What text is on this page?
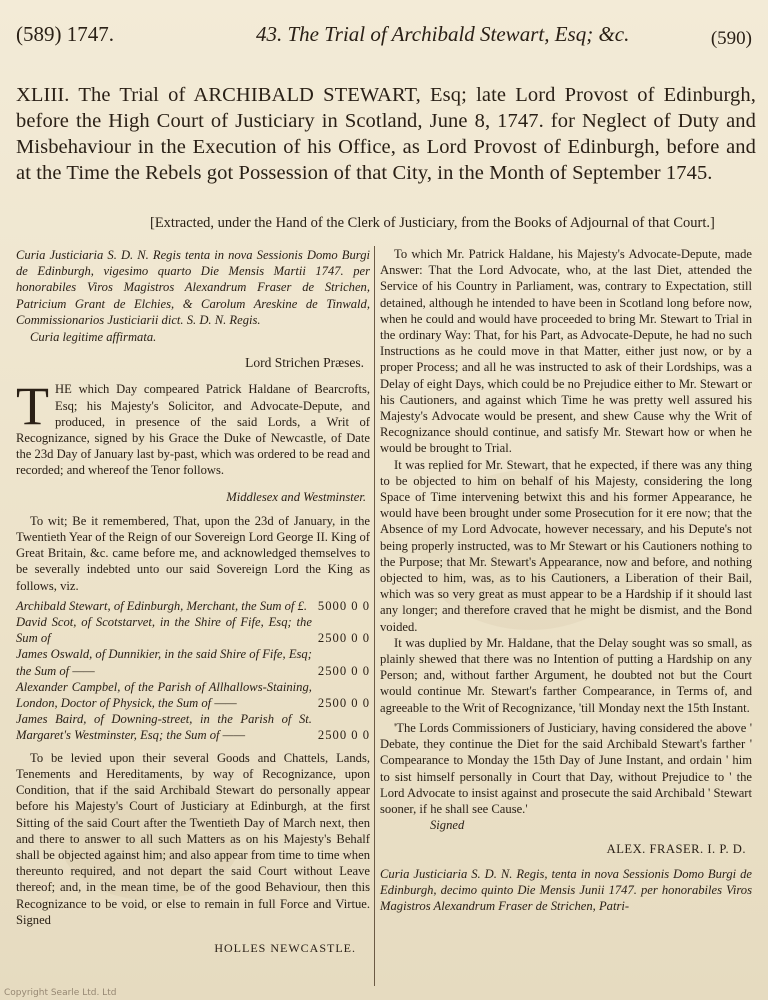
(589) 1747.	43. The Trial of Archibald Stewart, Esq; &c.	(590)
XLIII. The Trial of ARCHIBALD STEWART, Esq; late Lord Provost of Edinburgh, before the High Court of Justiciary in Scotland, June 8, 1747. for Neglect of Duty and Misbehaviour in the Execution of his Office, as Lord Provost of Edinburgh, before and at the Time the Rebels got Possession of that City, in the Month of September 1745.
[Extracted, under the Hand of the Clerk of Justiciary, from the Books of Adjournal of that Court.]

Curia Justiciaria S. D. N. Regis tenta in nova Sessionis Domo Burgi de Edinburgh, vigesimo quarto Die Mensis Martii 1747. per honorabiles Viros Magistros Alexandrum Fraser de Strichen, Patricium Grant de Elchies, & Carolum Areskine de Tinwald, Commissionarios Justiciarii dict. S. D. N. Regis.

Curia legitime affirmata.

Lord Strichen Præses.

THE which Day compeared Patrick Haldane of Bearcrofts, Esq; his Majesty's Solicitor, and Advocate-Depute, and produced, in presence of the said Lords, a Writ of Recognizance, signed by his Grace the Duke of Newcastle, of Date the 23d Day of January last by-past, which was ordered to be read and recorded; and whereof the Tenor follows.

Middlesex and Westminster.

To wit; Be it remembered, That, upon the 23d of January, in the Twentieth Year of the Reign of our Sovereign Lord George II. King of Great Britain, &c. came before me, and acknowledged themselves to be severally indebted unto our said Sovereign Lord the King as follows, viz.

Archibald Stewart, of Edinburgh, Merchant, the Sum of £. 5000 0 0
David Scot, of Scotstarvet, in the Shire of Fife, Esq; the Sum of	2500 0 0
James Oswald, of Dunnikier, in the said Shire of Fife, Esq; the Sum of ——	2500 0 0
Alexander Campbel, of the Parish of Allhallows-Staining, London, Doctor of Physick, the Sum of ——	2500 0 0
James Baird, of Downing-street, in the Parish of St. Margaret's Westminster, Esq; the Sum of ——	2500 0 0

To be levied upon their several Goods and Chattels, Lands, Tenements and Hereditaments, by way of Recognizance, upon Condition, that if the said Archibald Stewart do personally appear before his Majesty's Court of Justiciary at Edinburgh, at the first Sitting of the said Court after the Twentieth Day of March next, then and there to answer to all such Matters as on his Majesty's Behalf shall be objected against him; and also appear from time to time when thereunto required, and not depart the said Court without Leave thereof; and, in the mean time, be of the good Behaviour, then this Recognizance to be void, or else to remain in full Force and Virtue. Signed

HOLLES NEWCASTLE.

To which Mr. Patrick Haldane, his Majesty's Advocate-Depute, made Answer: That the Lord Advocate, who, at the last Diet, attended the Service of his Country in Parliament, was, contrary to Expectation, still detained, although he intended to have been in Scotland long before now, when he could and would have proceeded to bring Mr. Stewart to Trial in the ordinary Way: That, for his Part, as Advocate-Depute, he had no such Instructions as he could move in that Matter, either just now, or by a proper Process; and all he was instructed to ask of their Lordships, was a Delay of eight Days, which could be no Prejudice either to Mr. Stewart or his Cautioners, and against which Time he was pretty well assured his Majesty's Advocate would be present, and shew Cause why the Writ of Recognizance should continue, and satisfy Mr. Stewart how or when he would be brought to Trial.

It was replied for Mr. Stewart, that he expected, if there was any thing to be objected to him on behalf of his Majesty, considering the long Space of Time intervening betwixt this and his former Appearance, he would have been brought under some Prosecution for it ere now; that the Absence of my Lord Advocate, however necessary, and his Depute's not being properly instructed, was to Mr Stewart or his Cautioners nothing to the Purpose; that Mr. Stewart's Appearance, now and before, and nothing objected to him, was, as to his Cautioners, a Liberation of their Bail, which was so very great as must appear to be a Hardship if it should last any longer; and therefore craved that he might be dismist, and the Bond voided.

It was duplied by Mr. Haldane, that the Delay sought was so small, as plainly shewed that there was no Intention of putting a Hardship on any Person; and, without farther Argument, he doubted not but the Court would continue Mr. Stewart's farther Compearance, in Terms of, and agreeable to the Writ of Recognizance, 'till Monday next the 15th Instant.

'The Lords Commissioners of Justiciary, having considered the above ' Debate, they continue the Diet for the said Archibald Stewart's farther ' Compearance to Monday the 15th Day of June Instant, and ordain ' him to sist himself personally in Court that Day, without Prejudice to ' the Lord Advocate to insist against and prosecute the said Archibald ' Stewart sooner, if he shall see Cause.'

Signed

ALEX. FRASER. I. P. D.

Curia Justiciaria S. D. N. Regis, tenta in nova Sessionis Domo Burgi de Edinburgh, decimo quinto Die Mensis Junii 1747. per honorabiles Viros Magistros Alexandrum Fraser de Strichen, Patri-

Copyright Searle Ltd. Ltd
